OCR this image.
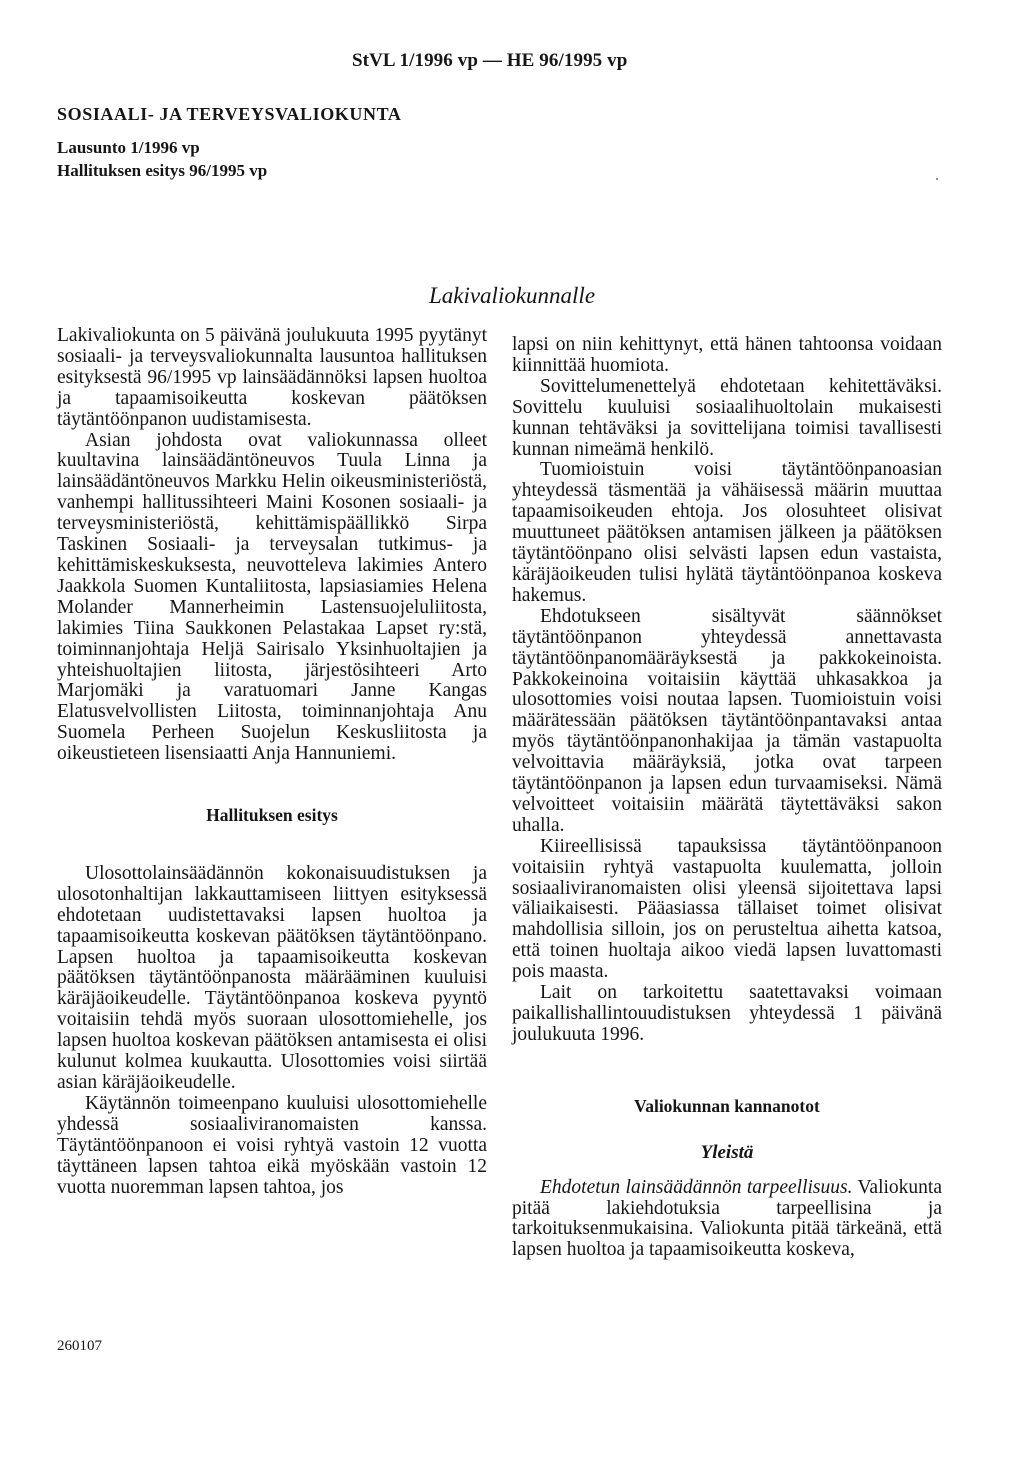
StVL 1/1996 vp — HE 96/1995 vp
SOSIAALI- JA TERVEYSVALIOKUNTA
Lausunto 1/1996 vp
Hallituksen esitys 96/1995 vp
Lakivaliokunnalle

Lakivaliokunta on 5 päivänä joulukuuta 1995 pyytänyt sosiaali- ja terveysvaliokunnalta lausuntoa hallituksen esityksestä 96/1995 vp lainsäädännöksi lapsen huoltoa ja tapaamisoikeutta koskevan päätöksen täytäntöönpanon uudistamisesta.

Asian johdosta ovat valiokunnassa olleet kuultavina lainsäädäntöneuvos Tuula Linna ja lainsäädäntöneuvos Markku Helin oikeusministeriöstä, vanhempi hallitussihteeri Maini Kosonen sosiaali- ja terveysministeriöstä, kehittämispäällikkö Sirpa Taskinen Sosiaali- ja terveysalan tutkimus- ja kehittämiskeskuksesta, neuvotteleva lakimies Antero Jaakkola Suomen Kuntaliitosta, lapsiasiamies Helena Molander Mannerheimin Lastensuojeluliitosta, lakimies Tiina Saukkonen Pelastakaa Lapset ry:stä, toiminnanjohtaja Heljä Sairisalo Yksinhuoltajien ja yhteishuoltajien liitosta, järjestösihteeri Arto Marjomäki ja varatuomari Janne Kangas Elatusvelvollisten Liitosta, toiminnanjohtaja Anu Suomela Perheen Suojelun Keskusliitosta ja oikeustieteen lisensiaatti Anja Hannuniemi.

Hallituksen esitys

Ulosottolainsäädännön kokonaisuudistuksen ja ulosotonhaltijan lakkauttamiseen liittyen esityksessä ehdotetaan uudistettavaksi lapsen huoltoa ja tapaamisoikeutta koskevan päätöksen täytäntöönpano. Lapsen huoltoa ja tapaamisoikeutta koskevan päätöksen täytäntöönpanosta määrääminen kuuluisi käräjäoikeudelle. Täytäntöönpanoa koskeva pyyntö voitaisiin tehdä myös suoraan ulosottomiehelle, jos lapsen huoltoa koskevan päätöksen antamisesta ei olisi kulunut kolmea kuukautta. Ulosottomies voisi siirtää asian käräjäoikeudelle.

Käytännön toimeenpano kuuluisi ulosottomiehelle yhdessä sosiaaliviranomaisten kanssa. Täytäntöönpanoon ei voisi ryhtyä vastoin 12 vuotta täyttäneen lapsen tahtoa eikä myöskään vastoin 12 vuotta nuoremman lapsen tahtoa, jos

lapsi on niin kehittynyt, että hänen tahtoonsa voidaan kiinnittää huomiota.

Sovittelumenettelyä ehdotetaan kehitettäväksi. Sovittelu kuuluisi sosiaalihuoltolain mukaisesti kunnan tehtäväksi ja sovittelijana toimisi tavallisesti kunnan nimeämä henkilö.

Tuomioistuin voisi täytäntöönpanoasian yhteydessä täsmentää ja vähäisessä määrin muuttaa tapaamisoikeuden ehtoja. Jos olosuhteet olisivat muuttuneet päätöksen antamisen jälkeen ja päätöksen täytäntöönpano olisi selvästi lapsen edun vastaista, käräjäoikeuden tulisi hylätä täytäntöönpanoa koskeva hakemus.

Ehdotukseen sisältyvät säännökset täytäntöönpanon yhteydessä annettavasta täytäntöönpanomääräyksestä ja pakkokeinoista. Pakkokeinoina voitaisiin käyttää uhkasakkoa ja ulosottomies voisi noutaa lapsen. Tuomioistuin voisi määrätessään päätöksen täytäntöönpantavaksi antaa myös täytäntöönpanonhakijaa ja tämän vastapuolta velvoittavia määräyksiä, jotka ovat tarpeen täytäntöönpanon ja lapsen edun turvaamiseksi. Nämä velvoitteet voitaisiin määrätä täytettäväksi sakon uhalla.

Kiireellisissä tapauksissa täytäntöönpanoon voitaisiin ryhtyä vastapuolta kuulematta, jolloin sosiaaliviranomaisten olisi yleensä sijoitettava lapsi väliaikaisesti. Pääasiassa tällaiset toimet olisivat mahdollisia silloin, jos on perusteltua aihetta katsoa, että toinen huoltaja aikoo viedä lapsen luvattomasti pois maasta.

Lait on tarkoitettu saatettavaksi voimaan paikallishallintouudistuksen yhteydessä 1 päivänä joulukuuta 1996.

Valiokunnan kannanotot
Yleistä

Ehdotetun lainsäädännön tarpeellisuus. Valiokunta pitää lakiehdotuksia tarpeellisina ja tarkoituksenmukaisina. Valiokunta pitää tärkeänä, että lapsen huoltoa ja tapaamisoikeutta koskeva,

260107
